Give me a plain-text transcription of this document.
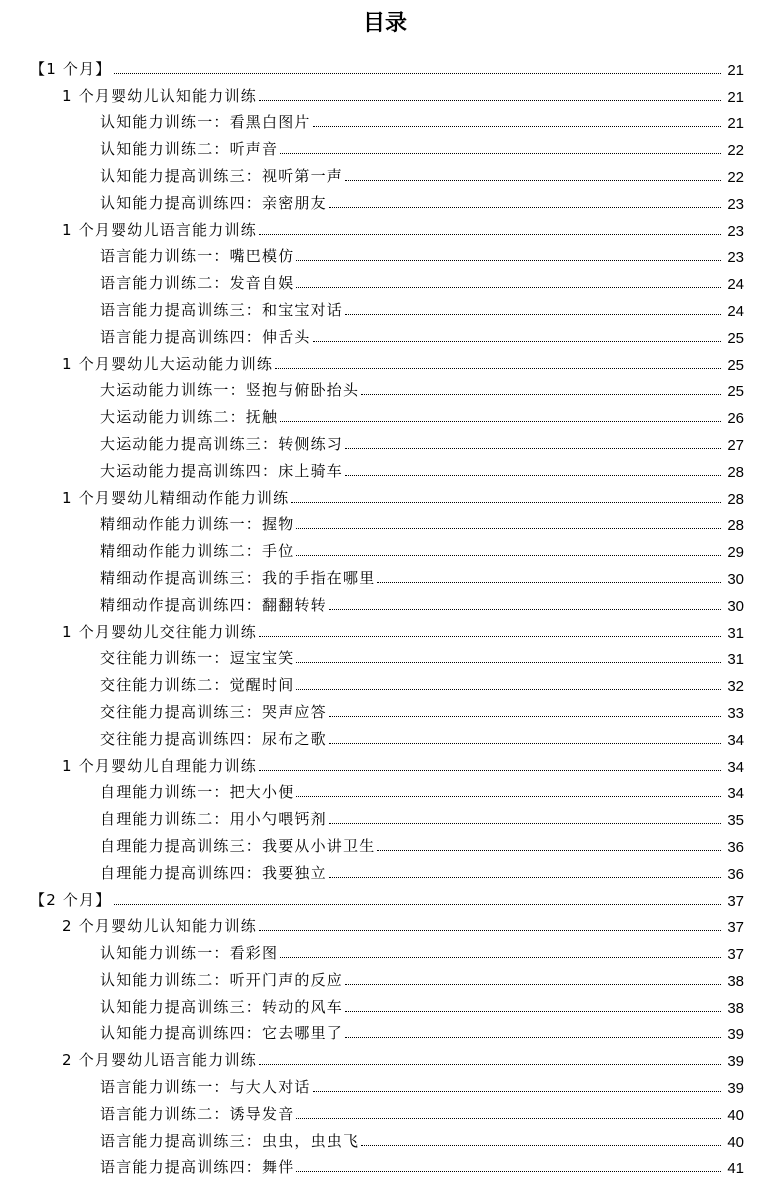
目录
【1 个月】	21
1 个月婴幼儿认知能力训练	21
认知能力训练一：看黑白图片	21
认知能力训练二：听声音	22
认知能力提高训练三：视听第一声	22
认知能力提高训练四：亲密朋友	23
1 个月婴幼儿语言能力训练	23
语言能力训练一：嘴巴模仿	23
语言能力训练二：发音自娱	24
语言能力提高训练三：和宝宝对话	24
语言能力提高训练四：伸舌头	25
1 个月婴幼儿大运动能力训练	25
大运动能力训练一：竖抱与俯卧抬头	25
大运动能力训练二：抚触	26
大运动能力提高训练三：转侧练习	27
大运动能力提高训练四：床上骑车	28
1 个月婴幼儿精细动作能力训练	28
精细动作能力训练一：握物	28
精细动作能力训练二：手位	29
精细动作提高训练三：我的手指在哪里	30
精细动作提高训练四：翻翻转转	30
1 个月婴幼儿交往能力训练	31
交往能力训练一：逗宝宝笑	31
交往能力训练二：觉醒时间	32
交往能力提高训练三：哭声应答	33
交往能力提高训练四：尿布之歌	34
1 个月婴幼儿自理能力训练	34
自理能力训练一：把大小便	34
自理能力训练二：用小勺喂钙剂	35
自理能力提高训练三：我要从小讲卫生	36
自理能力提高训练四：我要独立	36
【2 个月】	37
2 个月婴幼儿认知能力训练	37
认知能力训练一：看彩图	37
认知能力训练二：听开门声的反应	38
认知能力提高训练三：转动的风车	38
认知能力提高训练四：它去哪里了	39
2 个月婴幼儿语言能力训练	39
语言能力训练一：与大人对话	39
语言能力训练二：诱导发音	40
语言能力提高训练三：虫虫，虫虫飞	40
语言能力提高训练四：舞伴	41
